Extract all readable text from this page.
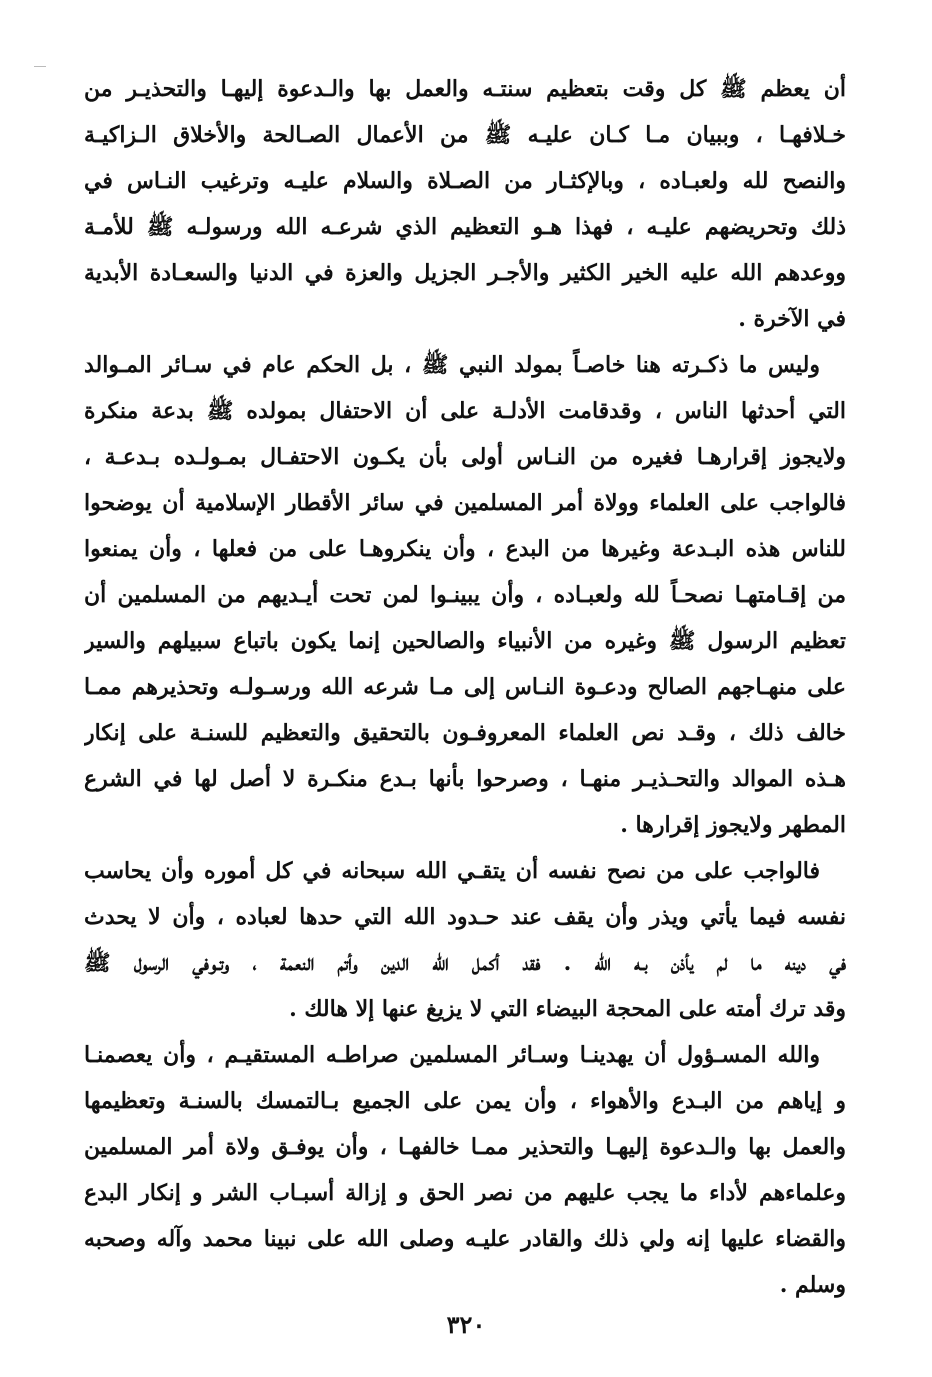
أن يعظم ﷺ كل وقت بتعظيم سنتـه والعمل بها والـدعوة إليهـا والتحذيـر من
خـلافهـا ، وببيان مـا كـان عليـه ﷺ من الأعمال الصـالحة والأخلاق الـزاكيـة
والنصح لله ولعبـاده ، وبالإكثـار من الصـلاة والسلام عليـه وترغيب النـاس في
ذلك وتحريضهم عليـه ، فهذا هـو التعظيم الذي شرعـه الله ورسولـه ﷺ للأمـة
ووعدهم الله عليه الخير الكثير والأجـر الجزيل والعزة في الدنيا والسعـادة الأبدية
في الآخرة .
وليس ما ذكـرته هنا خاصـاً بمولد النبي ﷺ ، بل الحكم عام في سـائر المـوالد
التي أحدثها الناس ، وقدقامت الأدلـة على أن الاحتفال بمولده ﷺ بدعة منكرة
ولايجوز إقرارهـا فغيره من النـاس أولى بأن يكـون الاحتفـال بمـولـده بـدعـة ،
فالواجب على العلماء وولاة أمر المسلمين في سائر الأقطار الإسلامية أن يوضحوا
للناس هذه البـدعة وغيرها من البدع ، وأن ينكروهـا على من فعلها ، وأن يمنعوا
من إقـامتهـا نصحـاً لله ولعبـاده ، وأن يبينـوا لمن تحت أيـديهم من المسلمين أن
تعظيم الرسول ﷺ وغيره من الأنبياء والصالحين إنما يكون باتباع سبيلهم والسير
على منهـاجهم الصالح ودعـوة النـاس إلى مـا شرعه الله ورسـولـه وتحذيرهم ممـا
خالف ذلك ، وقـد نص العلماء المعروفـون بالتحقيق والتعظيم للسنـة على إنكار
هـذه الموالد والتحـذيـر منهـا ، وصرحوا بأنها بـدع منكـرة لا أصل لها في الشرع
المطهر ولايجوز إقرارها .
فالواجب على من نصح نفسه أن يتقـي الله سبحانه في كل أموره وأن يحاسب
نفسه فيما يأتي ويذر وأن يقف عند حـدود الله التي حدها لعباده ، وأن لا يحدث
في دينه ما لم يأذن بـه الله . فقد أكمل الله الدين وأتم النعمة ، وتـوفي الرسول ﷺ
وقد ترك أمته على المحجة البيضاء التي لا يزيغ عنها إلا هالك .
والله المسـؤول أن يهدينـا وسـائر المسلمين صراطـه المستقيـم ، وأن يعصمنـا
و إياهم من البـدع والأهواء ، وأن يمن على الجميع بـالتمسك بالسنـة وتعظيمها
والعمل بها والـدعوة إليهـا والتحذير ممـا خالفهـا ، وأن يوفـق ولاة أمر المسلمين
وعلماءهم لأداء ما يجب عليهم من نصر الحق و إزالة أسبـاب الشر و إنكار البدع
والقضاء عليها إنه ولي ذلك والقادر عليـه وصلى الله على نبينا محمد وآله وصحبه
وسلم .
٣٢٠
